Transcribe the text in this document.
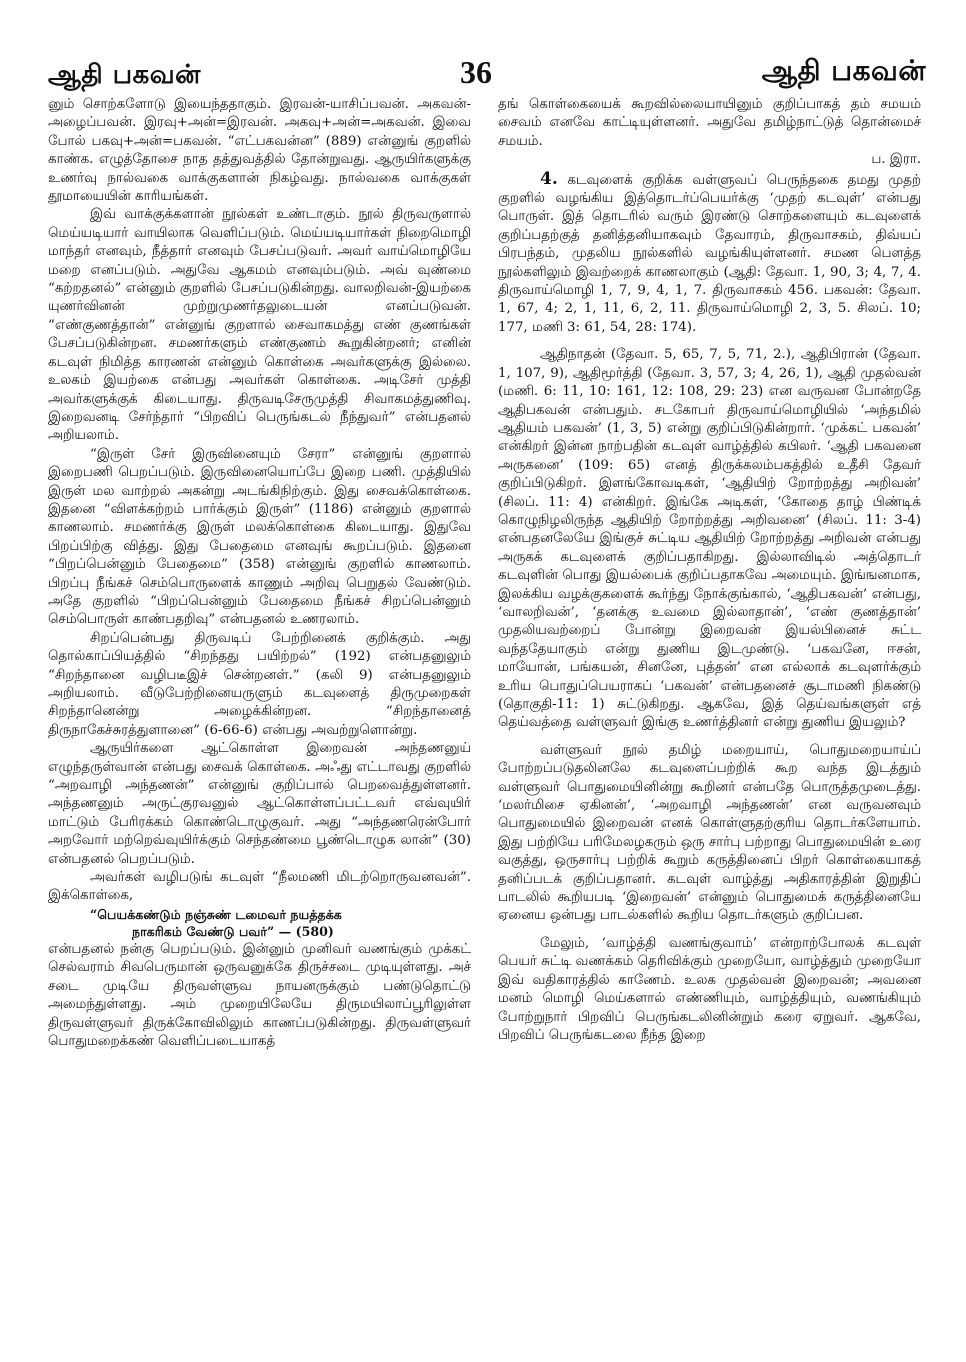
ஆதி பகவன்	36	ஆதி பகவன்

னும் சொற்களோடு இயைந்ததாகும். இரவன்-யாசிப்பவன். அகவன்-அழைப்பவன். இரவு+அன்=இரவன். அகவு+அன்=அகவன். இவை போல் பகவு+அன்=பகவன். “எட்பகவன்ன” (889) என்னுங் குறளில் காண்க. எழுத்தோசை நாத தத்துவத்தில் தோன்றுவது. ஆருயிர்களுக்கு உணர்வு நால்வகை வாக்குகளான் நிகழ்வது. நால்வகை வாக்குகள் தூமாயையின் காரியங்கள்.

இவ் வாக்குக்களான் நூல்கள் உண்டாகும். நூல் திருவருளால் மெய்யடியார் வாயிலாக வெளிப்படும். மெய்யடியார்கள் நிறைமொழி மாந்தர் எனவும், நீத்தார் எனவும் பேசப்படுவர். அவர் வாய்மொழியே மறை எனப்படும். அதுவே ஆகமம் எனவும்படும். அவ் வுண்மை “கற்றதனல்” என்னும் குறளில் பேசப்படுகின்றது. வாலறிவன்-இயற்கை யுணர்வினன் முற்றுமுணர்தலுடையன் எனப்படுவன். “எண்குணத்தான்” என்னுங் குறளால் சைவாகமத்து எண் குணங்கள் பேசப்படுகின்றன. சமணர்களும் எண்குணம் கூறுகின்றனர்; எனின் கடவுள் நிமித்த காரணன் என்னும் கொள்கை அவர்களுக்கு இல்லை. உலகம் இயற்கை என்பது அவர்கள் கொள்கை. அடிசேர் முத்தி அவர்களுக்குக் கிடையாது. திருவடிசேருமுத்தி சிவாகமத்துணிவு. இறைவனடி சேர்ந்தார் “பிறவிப் பெருங்கடல் நீந்துவர்” என்பதனல் அறியலாம்.

“இருள் சேர் இருவினையும் சேரா” என்னுங் குறளால் இறைபணி பெறப்படும். இருவினையொப்பே இறை பணி. முத்தியில் இருள் மல வாற்றல் அகன்று அடங்கிநிற்கும். இது சைவக்கொள்கை. இதனை “விளக்கற்றம் பார்க்கும் இருள்” (1186) என்னும் குறளால் காணலாம். சமணர்க்கு இருள் மலக்கொள்கை கிடையாது. இதுவே பிறப்பிற்கு வித்து. இது பேதைமை எனவுங் கூறப்படும். இதனை “பிறப்பென்னும் பேதைமை” (358) என்னுங் குறளில் காணலாம். பிறப்பு நீங்கச் செம்பொருளைக் காணும் அறிவு பெறுதல் வேண்டும். அதே குறளில் “பிறப்பென்னும் பேதைமை நீங்கச் சிறப்பென்னும் செம்பொருள் காண்பதறிவு” என்பதனல் உணரலாம்.

சிறப்பென்பது திருவடிப் பேற்றினைக் குறிக்கும். அது தொல்காப்பியத்தில் “சிறந்தது பயிற்றல்” (192) என்பதனுலும் “சிறந்தானை வழிபடீஇச் சென்றனள்.” (கலி 9) என்பதனுலும் அறியலாம். வீடுபேற்றினையருளும் கடவுளைத் திருமுறைகள் சிறந்தானென்று அழைக்கின்றன. “சிறந்தானைத் திருநாகேச்சுரத்துளானை” (6-66-6) என்பது அவற்றுளொன்று.

ஆருயிர்களை ஆட்கொள்ள இறைவன் அந்தணனுய் எழுந்தருள்வான் என்பது சைவக் கொள்கை. அஃது எட்டாவது குறளில் “அறவாழி அந்தணன்” என்னுங் குறிப்பால் பெறவைத்துள்ளனர். அந்தணனும் அருட்குரவனுல் ஆட்கொள்ளப்பட்டவர் எவ்வுயிர் மாட்டும் பேரிரக்கம் கொண்டொழுகுவர். அது “அந்தணரென்போர் அறவோர் மற்றெவ்வுயிர்க்கும் செந்தண்மை பூண்டொழுக லான்” (30) என்பதனல் பெறப்படும்.

அவர்கள் வழிபடுங் கடவுள் “நீலமணி மிடற்றொருவனவன்”. இக்கொள்கை,

“பெயக்கண்டும் நஞ்சுண் டமைவர் நயத்தக்க
நாகரிகம் வேண்டு பவர்” — (580)

என்பதனல் நன்கு பெறப்படும். இன்னும் முனிவர் வணங்கும் முக்கட் செல்வராம் சிவபெருமான் ஒருவனுக்கே திருச்சடை முடியுள்ளது. அச் சடை முடியே திருவள்ளுவ நாயனருக்கும் பண்டுதொட்டு அமைந்துள்ளது. அம் முறையிலேயே திருமயிலாப்பூரிலுள்ள திருவள்ளுவர் திருக்கோவிலிலும் காணப்படுகின்றது. திருவள்ளுவர் பொதுமறைக்கண் வெளிப்படையாகத்

தங் கொள்கையைக் கூறவில்லையாயினும் குறிப்பாகத் தம் சமயம் சைவம் எனவே காட்டியுள்ளனர். அதுவே தமிழ்நாட்டுத் தொன்மைச் சமயம்.
ப. இரா.

4. கடவுளைக் குறிக்க வள்ளுவப் பெருந்தகை தமது முதற் குறளில் வழங்கிய இத்தொடர்ப்பெயர்க்கு ‘முதற் கடவுள்’ என்பது பொருள். இத் தொடரில் வரும் இரண்டு சொற்களையும் கடவுளைக் குறிப்பதற்குத் தனித்தனியாகவும் தேவாரம், திருவாசகம், திவ்யப் பிரபந்தம், முதலிய நூல்களில் வழங்கியுள்ளனர். சமண பௌத்த நூல்களிலும் இவற்றைக் காணலாகும் (ஆதி: தேவா. 1, 90, 3; 4, 7, 4. திருவாய்மொழி 1, 7, 9, 4, 1, 7. திருவாசகம் 456. பகவன்: தேவா. 1, 67, 4; 2, 1, 11, 6, 2, 11. திருவாய்மொழி 2, 3, 5. சிலப். 10; 177, மணி 3: 61, 54, 28: 174).

ஆதிநாதன் (தேவா. 5, 65, 7, 5, 71, 2.), ஆதிபிரான் (தேவா. 1, 107, 9), ஆதிமூர்த்தி (தேவா. 3, 57, 3; 4, 26, 1), ஆதி முதல்வன் (மணி. 6: 11, 10: 161, 12: 108, 29: 23) என வருவன போன்றதே ஆதிபகவன் என்பதும். சடகோபர் திருவாய்மொழியில் ‘அந்தமில் ஆதியம் பகவன்’ (1, 3, 5) என்று குறிப்பிடுகின்றார். ‘முக்கட் பகவன்’ என்கிறர் இன்ன நாற்பதின் கடவுள் வாழ்த்தில் கபிலர். ‘ஆதி பகவனை அருகனை’ (109: 65) எனத் திருக்கலம்பகத்தில் உதீசி தேவர் குறிப்பிடுகிறர். இளங்கோவடிகள், ‘ஆதியிற் றோற்றத்து அறிவன்’ (சிலப். 11: 4) என்கிறர். இங்கே அடிகள், ‘கோதை தாழ் பிண்டிக் கொழுநிழலிருந்த ஆதியிற் றோற்றத்து அறிவனை’ (சிலப். 11: 3-4) என்பதனலேயே இங்குச் சுட்டிய ஆதியிற் றோற்றத்து அறிவன் என்பது அருகக் கடவுளைக் குறிப்பதாகிறது. இல்லாவிடில் அத்தொடர் கடவுளின் பொது இயல்பைக் குறிப்பதாகவே அமையும். இங்ஙனமாக, இலக்கிய வழக்குகளைக் கூர்ந்து நோக்குங்கால், ‘ஆதிபகவன்’ என்பது, ‘வாலறிவன்’, ‘தனக்கு உவமை இல்லாதான்’, ‘எண் குணத்தான்’ முதலியவற்றைப் போன்று இறைவன் இயல்பினைச் சுட்ட வந்ததேயாகும் என்று துணிய இடமுண்டு. ‘பகவனே, ஈசன், மாயோன், பங்கயன், சினனே, புத்தன்’ என எல்லாக் கடவுளர்க்கும் உரிய பொதுப்பெயராகப் ‘பகவன்’ என்பதனைச் சூடாமணி நிகண்டு (தொகுதி-11: 1) சுட்டுகிறது. ஆகவே, இத் தெய்வங்களுள் எத் தெய்வத்தை வள்ளுவர் இங்கு உணர்த்தினர் என்று துணிய இயலும்?

வள்ளுவர் நூல் தமிழ் மறையாய், பொதுமறையாய்ப் போற்றப்படுதலினலே கடவுளைப்பற்றிக் கூற வந்த இடத்தும் வள்ளுவர் பொதுமையினின்று கூறினர் என்பதே பொருத்தமுடைத்து. ‘மலர்மிசை ஏகினன்’, ‘அறவாழி அந்தணன்’ என வருவனவும் பொதுமையில் இறைவன் எனக் கொள்ளுதற்குரிய தொடர்களேயாம். இது பற்றியே பரிமேலழகரும் ஒரு சார்பு பற்றாது பொதுமையின் உரை வகுத்து, ஒருசார்பு பற்றிக் கூறும் கருத்தினைப் பிறர் கொள்கையாகத் தனிப்படக் குறிப்பதானர். கடவுள் வாழ்த்து அதிகாரத்தின் இறுதிப் பாடலில் கூறியபடி ‘இறைவன்’ என்னும் பொதுமைக் கருத்தினையே ஏனைய ஒன்பது பாடல்களில் கூறிய தொடர்களும் குறிப்பன.

மேலும், ‘வாழ்த்தி வணங்குவாம்’ என்றாற்போலக் கடவுள் பெயர் சுட்டி வணக்கம் தெரிவிக்கும் முறையோ, வாழ்த்தும் முறையோ இவ் வதிகாரத்தில் காணேம். உலக முதல்வன் இறைவன்; அவனை மனம் மொழி மெய்களால் எண்ணியும், வாழ்த்தியும், வணங்கியும் போற்றுநார் பிறவிப் பெருங்கடலினின்றும் கரை ஏறுவர். ஆகவே, பிறவிப் பெருங்கடலை நீந்த இறை
